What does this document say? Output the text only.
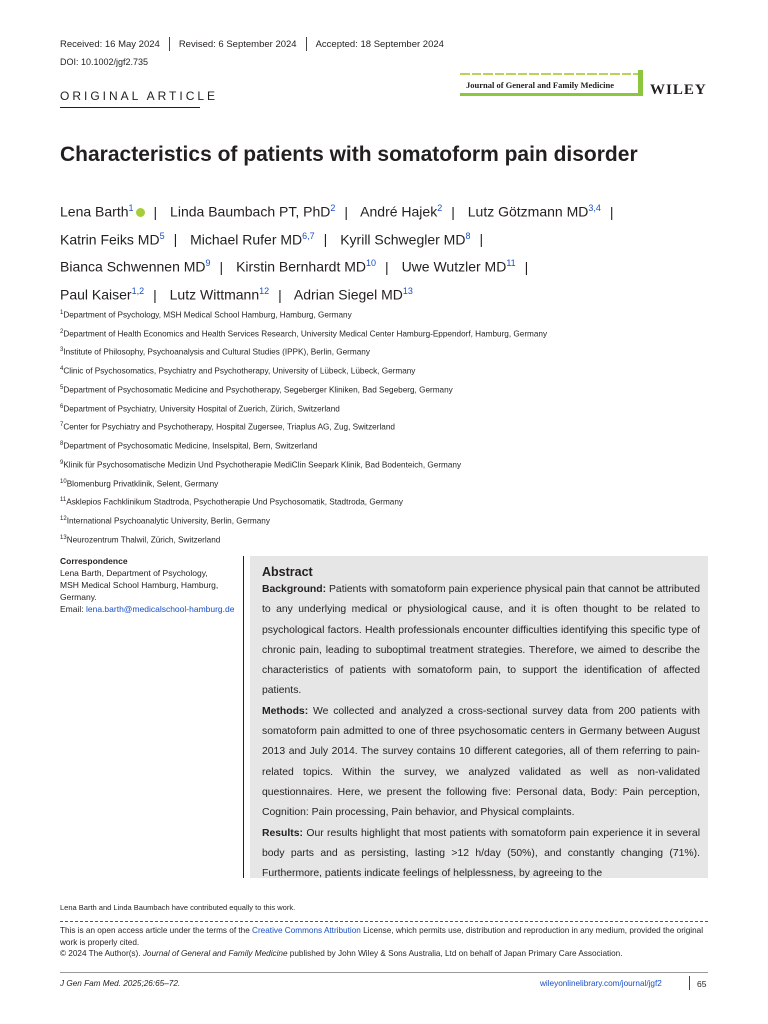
Received: 16 May 2024 Revised: 6 September 2024 Accepted: 18 September 2024
DOI: 10.1002/jgf2.735
ORIGINAL ARTICLE
Journal of General and Family Medicine WILEY
Characteristics of patients with somatoform pain disorder
Lena Barth$^1$ | Linda Baumbach PT, PhD$^2$ | André Hajek$^2$ | Lutz Götzmann MD$^{3,4}$ |
Katrin Feiks $MD^5$ | Michael Rufer MD$^{6,7}$ | Kyrill Schwegler $MD^8$ |
Bianca Schwennen $MD^9$ | Kirstin Bernhardt MD$^{10}$ | Uwe Wutzler MD$^{11}$ |
Paul Kaiser$^{1,2}$ | Lutz Wittmann$^{12}$ | Adrian Siegel MD$^{13}$
$^1$Department of Psychology, MSH Medical School Hamburg, Hamburg, Germany
$^2$Department of Health Economics and Health Services Research, University Medical Center Hamburg-Eppendorf, Hamburg, Germany
$^3$Institute of Philosophy, Psychoanalysis and Cultural Studies (IPPK), Berlin, Germany
$^4$Clinic of Psychosomatics, Psychiatry and Psychotherapy, University of Lübeck, Lübeck, Germany
$^5$Department of Psychosomatic Medicine and Psychotherapy, Segeberger Kliniken, Bad Segeberg, Germany
$^6$Department of Psychiatry, University Hospital of Zuerich, Zürich, Switzerland
$^7$Center for Psychiatry and Psychotherapy, Hospital Zugersee, Triaplus AG, Zug, Switzerland
$^8$Department of Psychosomatic Medicine, Inselspital, Bern, Switzerland
$^9$Klinik für Psychosomatische Medizin Und Psychotherapie MediClin Seepark Klinik, Bad Bodenteich, Germany
$^{10}$Blomenburg Privatklinik, Selent, Germany
$^{11}$Asklepios Fachklinikum Stadtroda, Psychotherapie Und Psychosomatik, Stadtroda, Germany
$^{12}$International Psychoanalytic University, Berlin, Germany
$^{13}$Neurozentrum Thalwil, Zürich, Switzerland
Correspondence
Lena Barth, Department of Psychology,
MSH Medical School Hamburg, Hamburg,
Germany.
Email: lena.barth@medicalschool-hamburg.de
Abstract

Background: Patients with somatoform pain experience physical pain that cannot be attributed to any underlying medical or physiological cause, and it is often thought to be related to psychological factors. Health professionals encounter difficulties identifying this specific type of chronic pain, leading to suboptimal treatment strategies. Therefore, we aimed to describe the characteristics of patients with somatoform pain, to support the identification of affected patients.

Methods: We collected and analyzed a cross-sectional survey data from 200 patients with somatoform pain admitted to one of three psychosomatic centers in Germany between August 2013 and July 2014. The survey contains 10 different categories, all of them referring to pain-related topics. Within the survey, we analyzed validated as well as non-validated questionnaires. Here, we present the following five: Personal data, Body: Pain perception, Cognition: Pain processing, Pain behavior, and Physical complaints.

Results: Our results highlight that most patients with somatoform pain experience it in several body parts and as persisting, lasting >12 h/day (50%), and constantly changing (71%). Furthermore, patients indicate feelings of helplessness, by agreeing to the

Lena Barth and Linda Baumbach have contributed equally to this work.
This is an open access article under the terms of the Creative Commons Attribution License, which permits use, distribution and reproduction in any medium, provided the original work is properly cited.
© 2024 The Author(s). Journal of General and Family Medicine published by John Wiley & Sons Australia, Ltd on behalf of Japan Primary Care Association.
J Gen Fam Med. 2025;26:65–72.	wileyonlinelibrary.com/journal/jgf2	65
